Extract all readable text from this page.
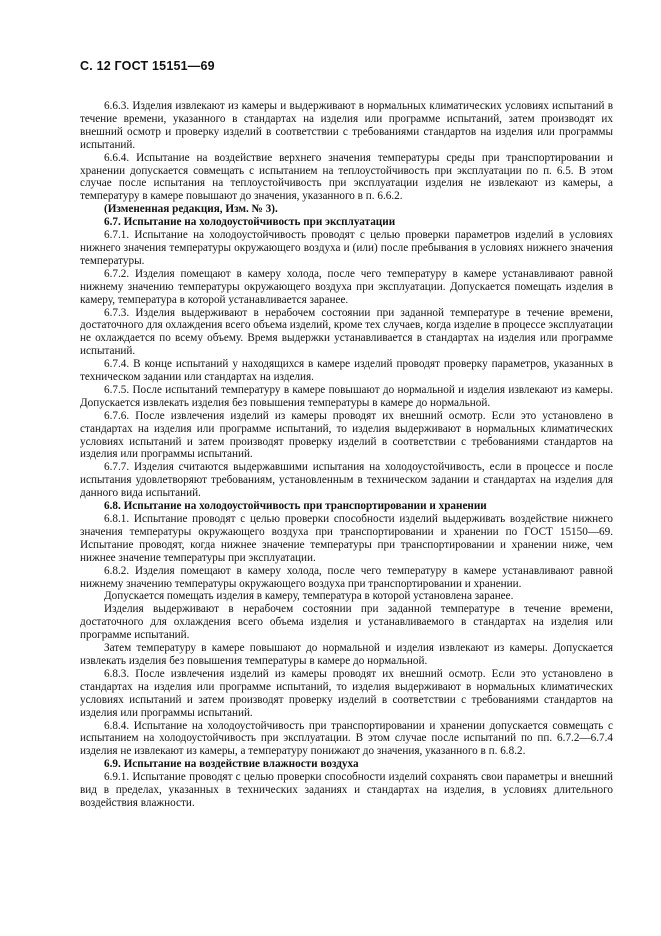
С. 12 ГОСТ 15151—69

6.6.3. Изделия извлекают из камеры и выдерживают в нормальных климатических условиях испытаний в течение времени, указанного в стандартах на изделия или программе испытаний, затем производят их внешний осмотр и проверку изделий в соответствии с требованиями стандартов на изделия или программы испытаний.

6.6.4. Испытание на воздействие верхнего значения температуры среды при транспортировании и хранении допускается совмещать с испытанием на теплоустойчивость при эксплуатации по п. 6.5. В этом случае после испытания на теплоустойчивость при эксплуатации изделия не извлекают из камеры, а температуру в камере повышают до значения, указанного в п. 6.6.2.

(Измененная редакция, Изм. № 3).

6.7. Испытание на холодоустойчивость при эксплуатации

6.7.1. Испытание на холодоустойчивость проводят с целью проверки параметров изделий в условиях нижнего значения температуры окружающего воздуха и (или) после пребывания в условиях нижнего значения температуры.

6.7.2. Изделия помещают в камеру холода, после чего температуру в камере устанавливают равной нижнему значению температуры окружающего воздуха при эксплуатации. Допускается помещать изделия в камеру, температура в которой устанавливается заранее.

6.7.3. Изделия выдерживают в нерабочем состоянии при заданной температуре в течение времени, достаточного для охлаждения всего объема изделий, кроме тех случаев, когда изделие в процессе эксплуатации не охлаждается по всему объему. Время выдержки устанавливается в стандартах на изделия или программе испытаний.

6.7.4. В конце испытаний у находящихся в камере изделий проводят проверку параметров, указанных в техническом задании или стандартах на изделия.

6.7.5. После испытаний температуру в камере повышают до нормальной и изделия извлекают из камеры. Допускается извлекать изделия без повышения температуры в камере до нормальной.

6.7.6. После извлечения изделий из камеры проводят их внешний осмотр. Если это установлено в стандартах на изделия или программе испытаний, то изделия выдерживают в нормальных климатических условиях испытаний и затем производят проверку изделий в соответствии с требованиями стандартов на изделия или программы испытаний.

6.7.7. Изделия считаются выдержавшими испытания на холодоустойчивость, если в процессе и после испытания удовлетворяют требованиям, установленным в техническом задании и стандартах на изделия для данного вида испытаний.

6.8. Испытание на холодоустойчивость при транспортировании и хранении

6.8.1. Испытание проводят с целью проверки способности изделий выдерживать воздействие нижнего значения температуры окружающего воздуха при транспортировании и хранении по ГОСТ 15150—69. Испытание проводят, когда нижнее значение температуры при транспортировании и хранении ниже, чем нижнее значение температуры при эксплуатации.

6.8.2. Изделия помещают в камеру холода, после чего температуру в камере устанавливают равной нижнему значению температуры окружающего воздуха при транспортировании и хранении.

Допускается помещать изделия в камеру, температура в которой установлена заранее.

Изделия выдерживают в нерабочем состоянии при заданной температуре в течение времени, достаточного для охлаждения всего объема изделия и устанавливаемого в стандартах на изделия или программе испытаний.

Затем температуру в камере повышают до нормальной и изделия извлекают из камеры. Допускается извлекать изделия без повышения температуры в камере до нормальной.

6.8.3. После извлечения изделий из камеры проводят их внешний осмотр. Если это установлено в стандартах на изделия или программе испытаний, то изделия выдерживают в нормальных климатических условиях испытаний и затем производят проверку изделий в соответствии с требованиями стандартов на изделия или программы испытаний.

6.8.4. Испытание на холодоустойчивость при транспортировании и хранении допускается совмещать с испытанием на холодоустойчивость при эксплуатации. В этом случае после испытаний по пп. 6.7.2—6.7.4 изделия не извлекают из камеры, а температуру понижают до значения, указанного в п. 6.8.2.

6.9. Испытание на воздействие влажности воздуха

6.9.1. Испытание проводят с целью проверки способности изделий сохранять свои параметры и внешний вид в пределах, указанных в технических заданиях и стандартах на изделия, в условиях длительного воздействия влажности.
